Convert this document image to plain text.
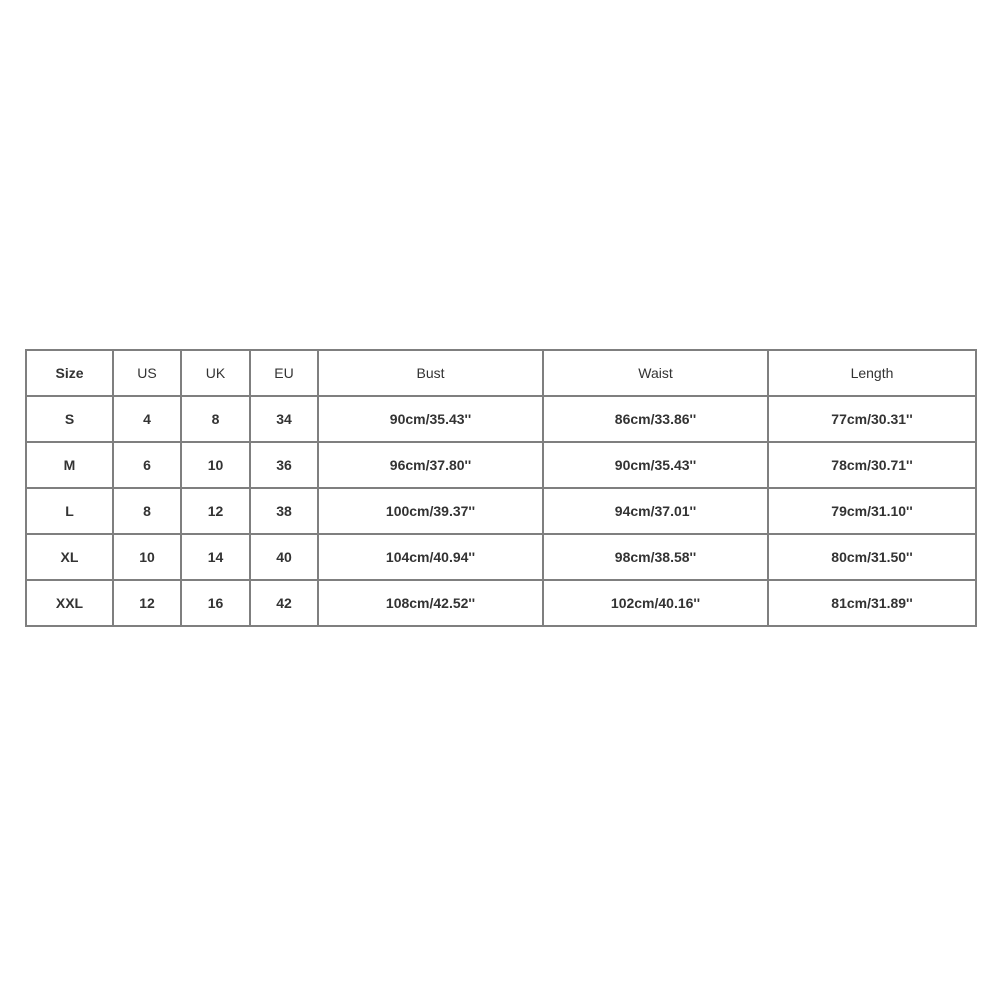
Size	US	UK	EU	Bust	Waist	Length
S	4	8	34	90cm/35.43''	86cm/33.86''	77cm/30.31''
M	6	10	36	96cm/37.80''	90cm/35.43''	78cm/30.71''
L	8	12	38	100cm/39.37''	94cm/37.01''	79cm/31.10''
XL	10	14	40	104cm/40.94''	98cm/38.58''	80cm/31.50''
XXL	12	16	42	108cm/42.52''	102cm/40.16''	81cm/31.89''
